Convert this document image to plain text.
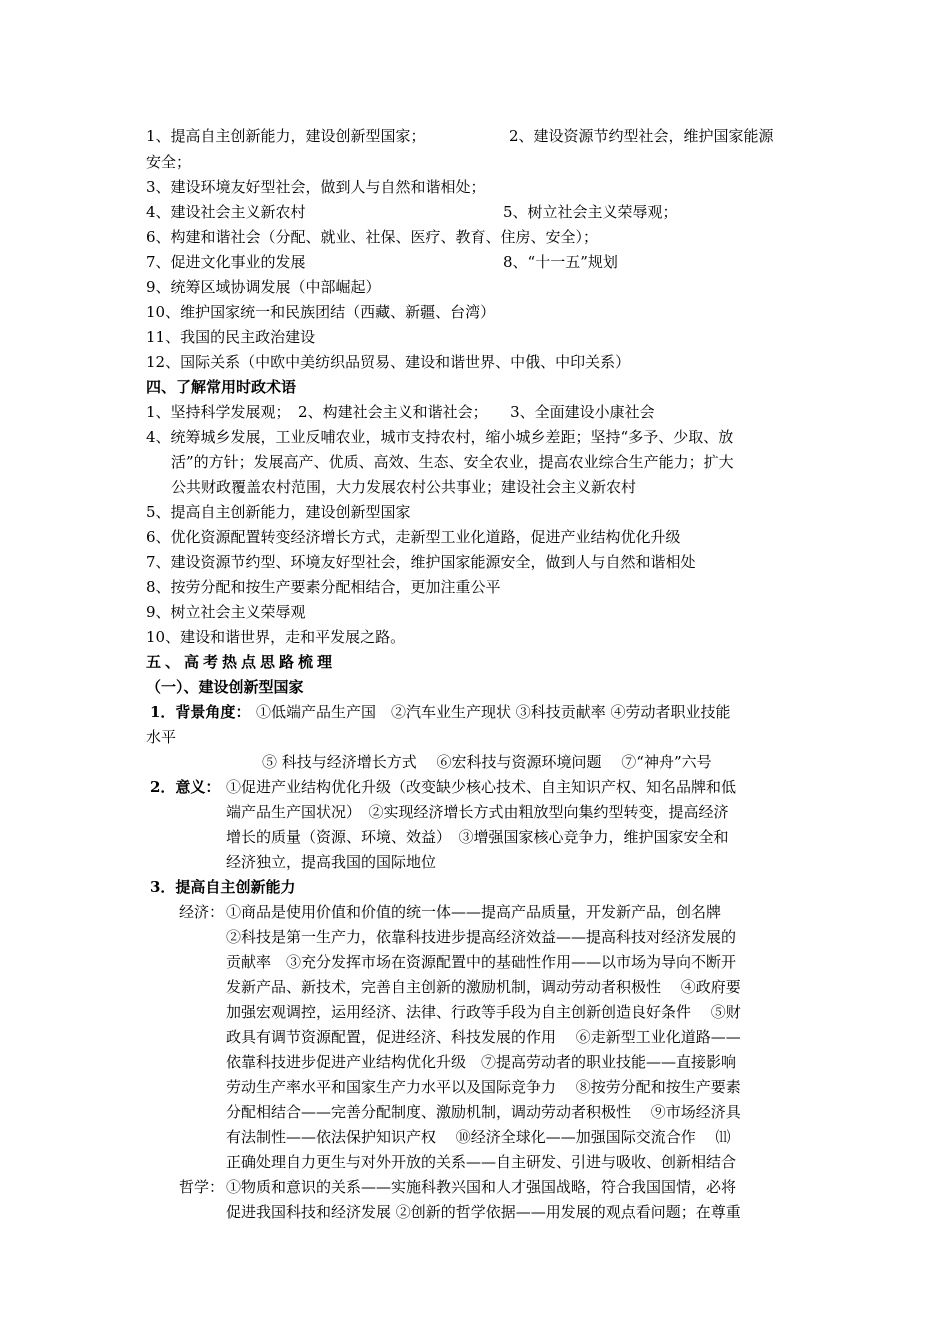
1、提高自主创新能力，建设创新型国家；	2、建设资源节约型社会，维护国家能源
安全；
3、建设环境友好型社会，做到人与自然和谐相处；
4、建设社会主义新农村	5、树立社会主义荣辱观；
6、构建和谐社会（分配、就业、社保、医疗、教育、住房、安全）；
7、促进文化事业的发展	8、“十一五”规划
9、统筹区域协调发展（中部崛起）
10、维护国家统一和民族团结（西藏、新疆、台湾）
11、我国的民主政治建设
12、国际关系（中欧中美纺织品贸易、建设和谐世界、中俄、中印关系）
四、了解常用时政术语
1、坚持科学发展观；　2、构建社会主义和谐社会；　　3、全面建设小康社会
4、统筹城乡发展，工业反哺农业，城市支持农村，缩小城乡差距；坚持“多予、少取、放
活”的方针；发展高产、优质、高效、生态、安全农业，提高农业综合生产能力；扩大
公共财政覆盖农村范围，大力发展农村公共事业；建设社会主义新农村
5、提高自主创新能力，建设创新型国家
6、优化资源配置转变经济增长方式，走新型工业化道路，促进产业结构优化升级
7、建设资源节约型、环境友好型社会，维护国家能源安全，做到人与自然和谐相处
8、按劳分配和按生产要素分配相结合，更加注重公平
9、树立社会主义荣辱观
10、建设和谐世界，走和平发展之路。
五、高考热点思路梳理
（一）、建设创新型国家
1．背景角度： ①低端产品生产国　②汽车业生产现状 ③科技贡献率 ④劳动者职业技能
水平
⑤ 科技与经济增长方式　 ⑥宏科技与资源环境问题　 ⑦“神舟”六号
2．意义： ①促进产业结构优化升级（改变缺少核心技术、自主知识产权、知名品牌和低
端产品生产国状况）　②实现经济增长方式由粗放型向集约型转变，提高经济
增长的质量（资源、环境、效益）　③增强国家核心竞争力，维护国家安全和
经济独立，提高我国的国际地位
3．提高自主创新能力
经济： ①商品是使用价值和价值的统一体——提高产品质量，开发新产品，创名牌
②科技是第一生产力，依靠科技进步提高经济效益——提高科技对经济发展的
贡献率　③充分发挥市场在资源配置中的基础性作用——以市场为导向不断开
发新产品、新技术，完善自主创新的激励机制，调动劳动者积极性　 ④政府要
加强宏观调控，运用经济、法律、行政等手段为自主创新创造良好条件　 ⑤财
政具有调节资源配置，促进经济、科技发展的作用　 ⑥走新型工业化道路——
依靠科技进步促进产业结构优化升级　⑦提高劳动者的职业技能——直接影响
劳动生产率水平和国家生产力水平以及国际竞争力　 ⑧按劳分配和按生产要素
分配相结合——完善分配制度、激励机制，调动劳动者积极性　 ⑨市场经济具
有法制性——依法保护知识产权　 ⑩经济全球化——加强国际交流合作　 ⑾
正确处理自力更生与对外开放的关系——自主研发、引进与吸收、创新相结合
哲学： ①物质和意识的关系——实施科教兴国和人才强国战略，符合我国国情，必将
促进我国科技和经济发展 ②创新的哲学依据——用发展的观点看问题；在尊重
